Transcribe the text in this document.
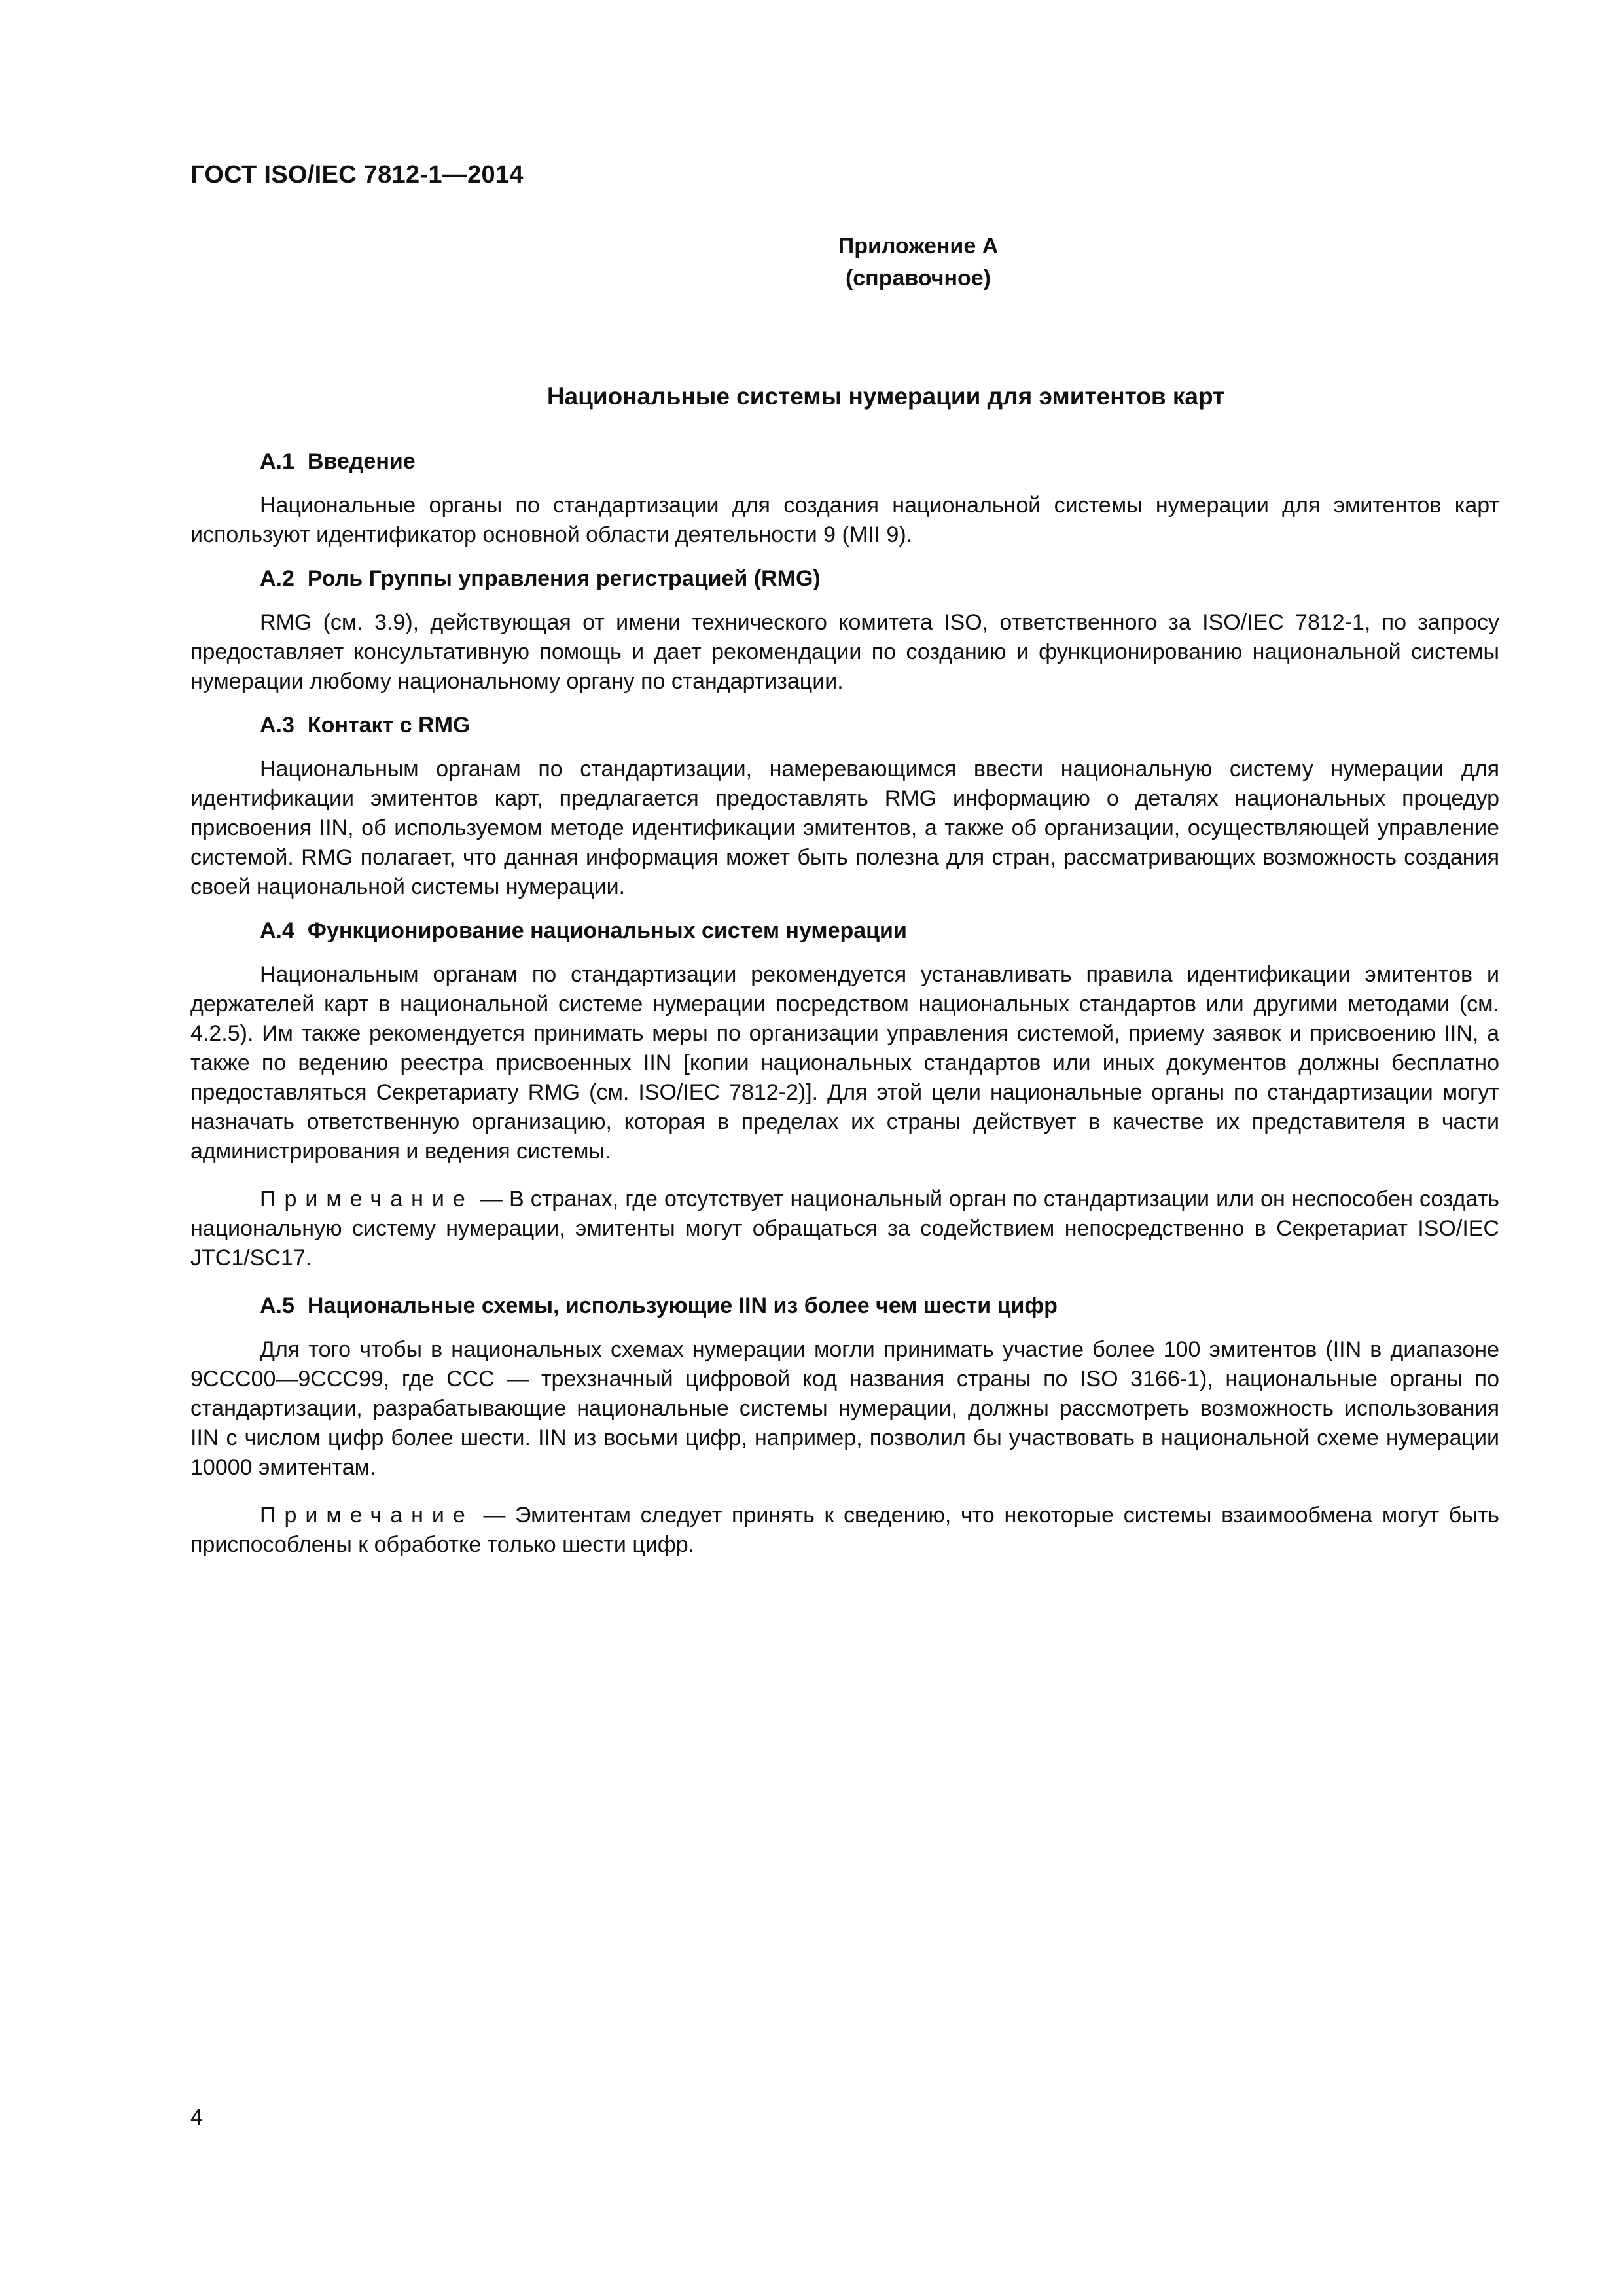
ГОСТ ISO/IEC 7812-1—2014
Приложение А
(справочное)
Национальные системы нумерации для эмитентов карт
А.1 Введение

Национальные органы по стандартизации для создания национальной системы нумерации для эмитентов карт используют идентификатор основной области деятельности 9 (MII 9).

А.2 Роль Группы управления регистрацией (RMG)

RMG (см. 3.9), действующая от имени технического комитета ISO, ответственного за ISO/IEC 7812-1, по запросу предоставляет консультативную помощь и дает рекомендации по созданию и функционированию национальной системы нумерации любому национальному органу по стандартизации.

А.3 Контакт с RMG

Национальным органам по стандартизации, намеревающимся ввести национальную систему нумерации для идентификации эмитентов карт, предлагается предоставлять RMG информацию о деталях национальных процедур присвоения IIN, об используемом методе идентификации эмитентов, а также об организации, осуществляющей управление системой. RMG полагает, что данная информация может быть полезна для стран, рассматривающих возможность создания своей национальной системы нумерации.

А.4 Функционирование национальных систем нумерации

Национальным органам по стандартизации рекомендуется устанавливать правила идентификации эмитентов и держателей карт в национальной системе нумерации посредством национальных стандартов или другими методами (см. 4.2.5). Им также рекомендуется принимать меры по организации управления системой, приему заявок и присвоению IIN, а также по ведению реестра присвоенных IIN [копии национальных стандартов или иных документов должны бесплатно предоставляться Секретариату RMG (см. ISO/IEC 7812-2)]. Для этой цели национальные органы по стандартизации могут назначать ответственную организацию, которая в пределах их страны действует в качестве их представителя в части администрирования и ведения системы.

Примечание — В странах, где отсутствует национальный орган по стандартизации или он неспособен создать национальную систему нумерации, эмитенты могут обращаться за содействием непосредственно в Секретариат ISO/IEC JTC1/SC17.

А.5 Национальные схемы, использующие IIN из более чем шести цифр

Для того чтобы в национальных схемах нумерации могли принимать участие более 100 эмитентов (IIN в диапазоне 9CCC00—9CCC99, где CCC — трехзначный цифровой код названия страны по ISO 3166-1), национальные органы по стандартизации, разрабатывающие национальные системы нумерации, должны рассмотреть возможность использования IIN с числом цифр более шести. IIN из восьми цифр, например, позволил бы участвовать в национальной схеме нумерации 10000 эмитентам.

Примечание — Эмитентам следует принять к сведению, что некоторые системы взаимообмена могут быть приспособлены к обработке только шести цифр.

4
